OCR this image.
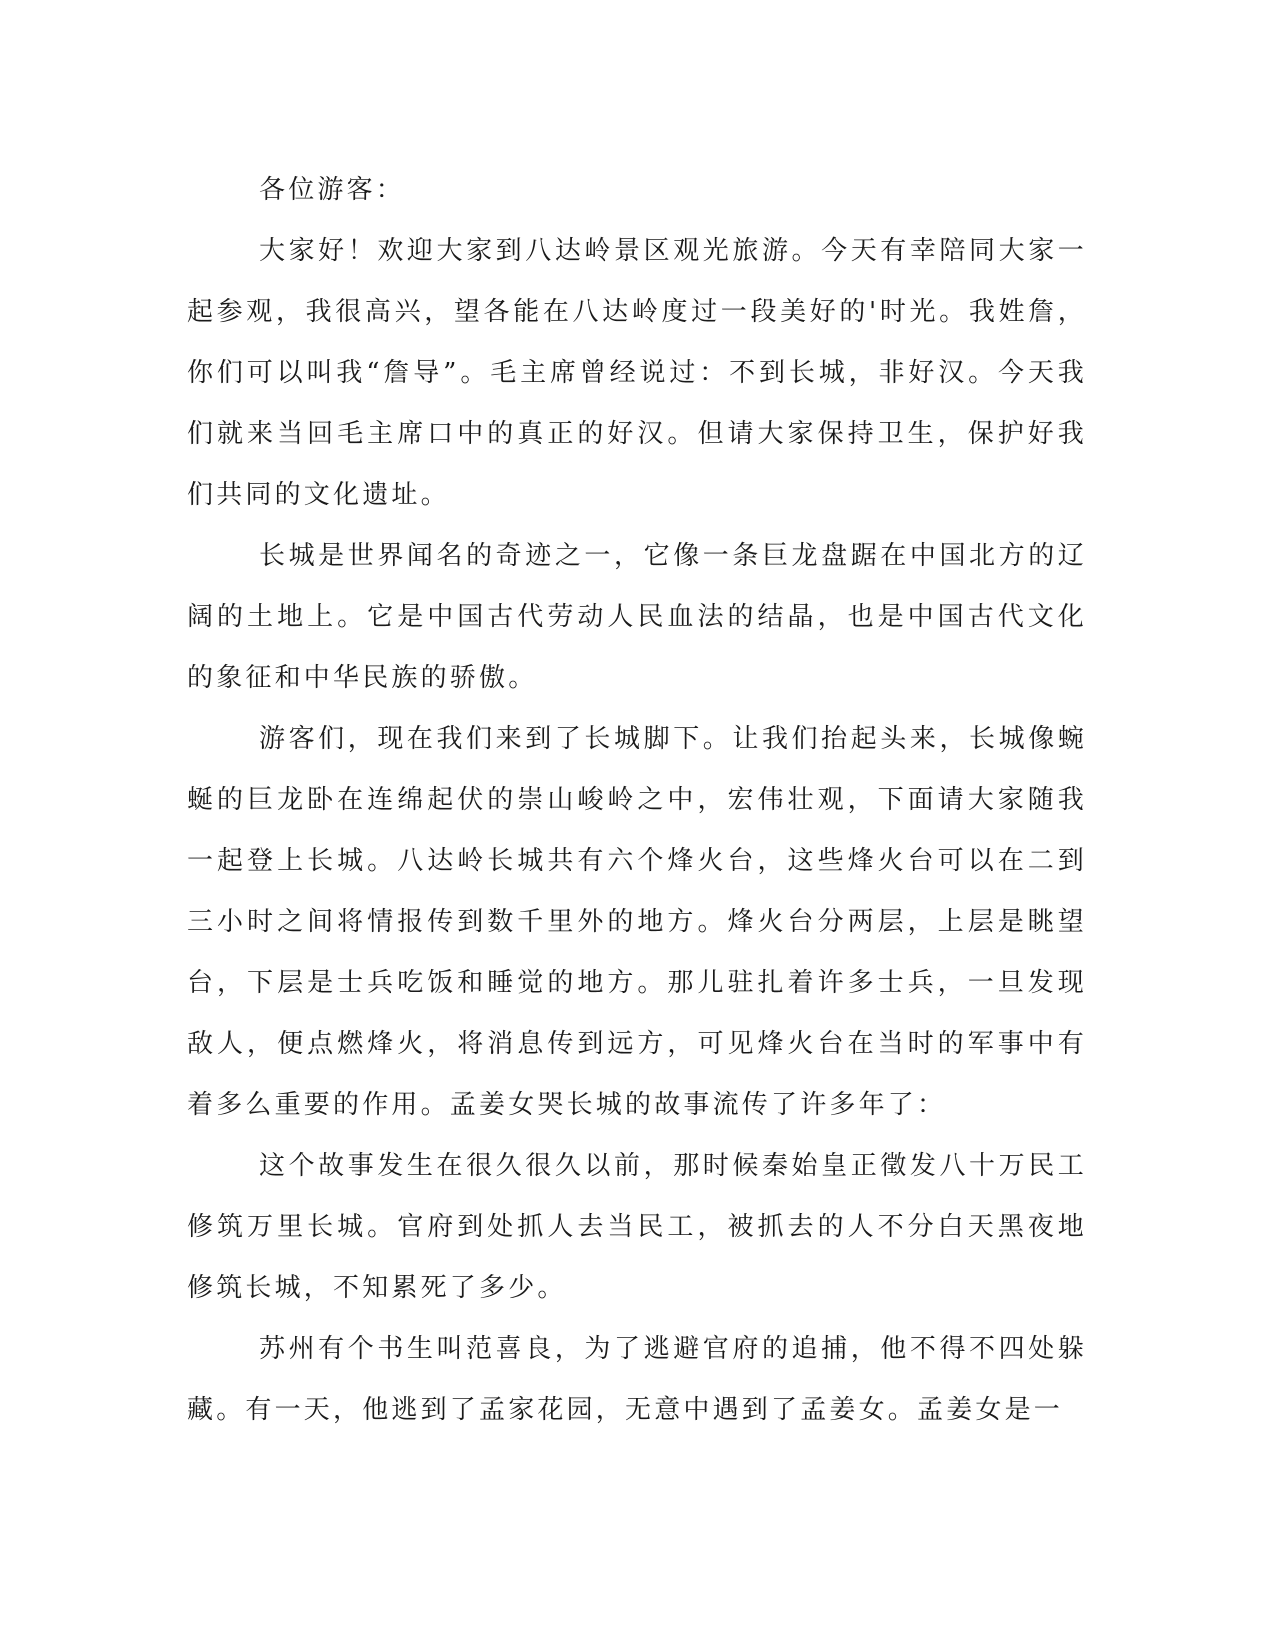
各位游客：

大家好！欢迎大家到八达岭景区观光旅游。今天有幸陪同大家一起参观，我很高兴，望各能在八达岭度过一段美好的'时光。我姓詹，你们可以叫我“詹导”。毛主席曾经说过：不到长城，非好汉。今天我们就来当回毛主席口中的真正的好汉。但请大家保持卫生，保护好我们共同的文化遗址。

长城是世界闻名的奇迹之一，它像一条巨龙盘踞在中国北方的辽阔的土地上。它是中国古代劳动人民血法的结晶，也是中国古代文化的象征和中华民族的骄傲。

游客们，现在我们来到了长城脚下。让我们抬起头来，长城像蜿蜒的巨龙卧在连绵起伏的崇山峻岭之中，宏伟壮观，下面请大家随我一起登上长城。八达岭长城共有六个烽火台，这些烽火台可以在二到三小时之间将情报传到数千里外的地方。烽火台分两层，上层是眺望台，下层是士兵吃饭和睡觉的地方。那儿驻扎着许多士兵，一旦发现敌人，便点燃烽火，将消息传到远方，可见烽火台在当时的军事中有着多么重要的作用。孟姜女哭长城的故事流传了许多年了：

这个故事发生在很久很久以前，那时候秦始皇正徵发八十万民工修筑万里长城。官府到处抓人去当民工，被抓去的人不分白天黑夜地修筑长城，不知累死了多少。

苏州有个书生叫范喜良，为了逃避官府的追捕，他不得不四处躲藏。有一天，他逃到了孟家花园，无意中遇到了孟姜女。孟姜女是一
